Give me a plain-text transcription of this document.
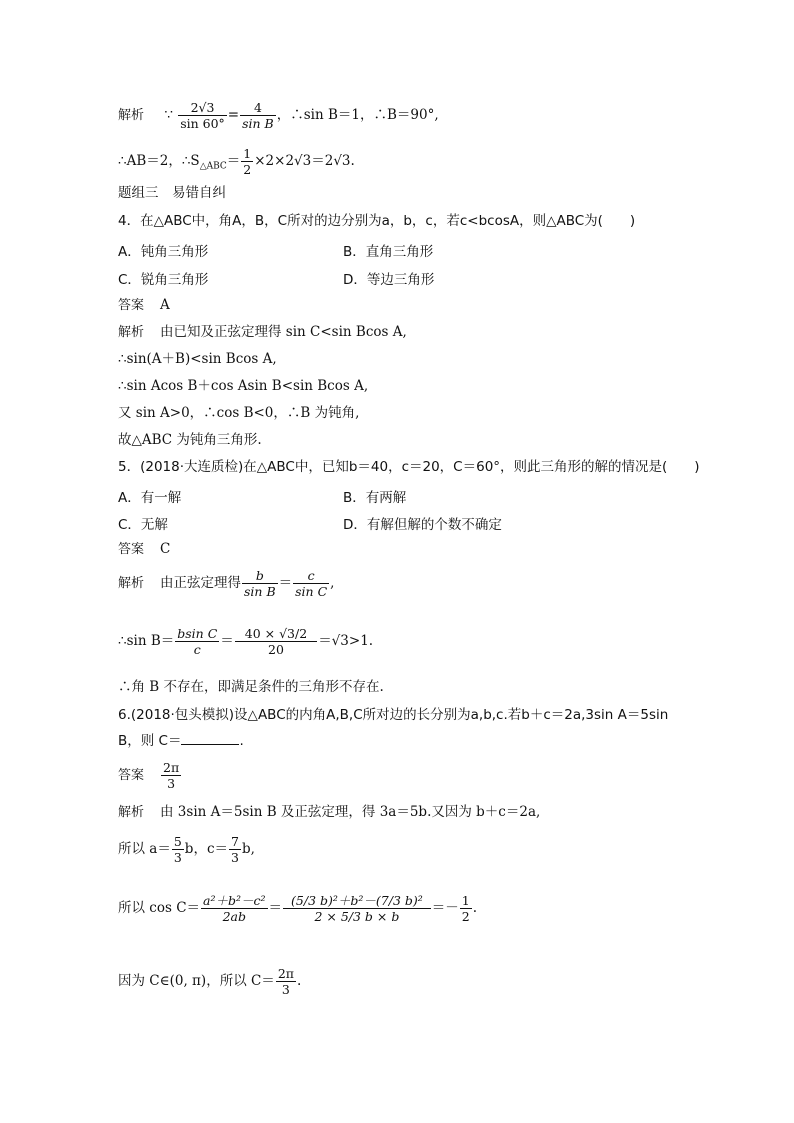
解析 ∵ $\frac{2√3}{\sin 60^\circ} = \frac{4}{\text{sin B}}$ ，∴sin B＝1，∴B＝90°,
∴AB＝2，$\therefore S_{\triangle ABC}= \frac{1}{2} \times 2\times 2√3=2√3$.
题组三　易错自纠
4．在△ABC中，角A，B，C所对的边分别为a，b，c，若c<bcosA，则△ABC为(　　)
A．钝角三角形	B．直角三角形
C．锐角三角形	D．等边三角形
答案 A
解析 由已知及正弦定理得 sin C<sin Bcos A,
∴sin(A＋B)<sin Bcos A,
∴sin Acos B＋cos Asin B<sin Bcos A,
又 sin A>0，∴cos B<0，∴B 为钝角,
故△ABC 为钝角三角形.
5．(2018·大连质检)在△ABC中，已知b＝40，c＝20，C＝60°，则此三角形的解的情况是(　　)
A．有一解	B．有两解
C．无解	D．有解但解的个数不确定
答案 C
解析 由正弦定理得 $\frac{b}{\text{sin B}} = \frac{c}{\text{sin C}}$ ,
∴sin $B= \frac{\text{bsin C}}{c} = \frac{40 \times √3/2}{20} =√3>1$.
∴角 B 不存在，即满足条件的三角形不存在.
6.(2018·包头模拟)设△ABC的内角A,B,C所对边的长分别为a,b,c.若b＋c＝2a,3sin A＝5sin
B，则 C＝	.
答案 $\frac{2\pi}{3}$
解析 由 3sin A＝5sin B 及正弦定理，得 3a＝5b.又因为 b＋c＝2a,
所以 $a= \frac{5}{3}$ b，$c= \frac{7}{3} b$,
所以 $\cos C= \frac{\text{a²＋b²－c²}}{2ab} = \frac{\text{(5/3 b)²＋b²－(7/3 b)²}}{2 \times 5/3 b \times b} =- \frac{1}{2}$ .
因为 C∈(0, π)，所以 $C= \frac{2\pi}{3}$ .
